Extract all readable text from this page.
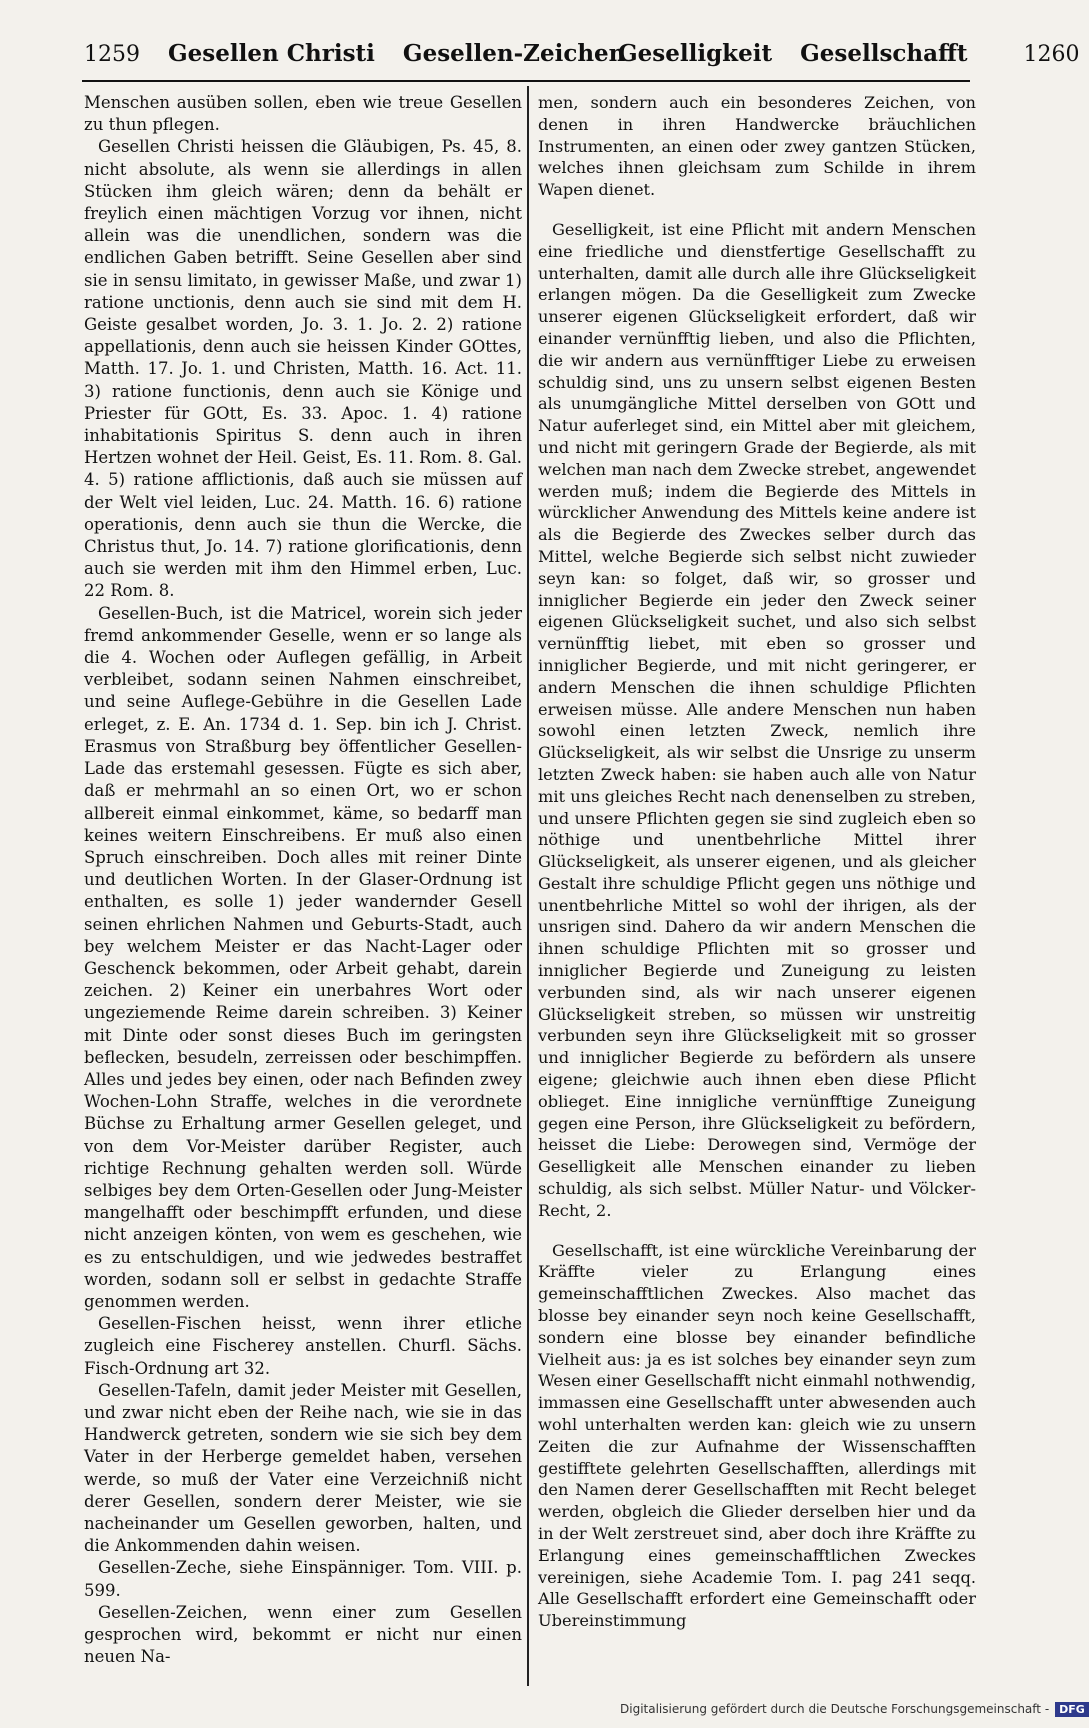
1259 Gesellen Christi Gesellen-Zeichen
Geselligkeit Gesellschafft	1260

Menschen ausüben sollen, eben wie treue Gesellen zu thun pflegen.

Gesellen Christi heissen die Gläubigen, Ps. 45, 8. nicht absolute, als wenn sie allerdings in allen Stücken ihm gleich wären; denn da behält er freylich einen mächtigen Vorzug vor ihnen, nicht allein was die unendlichen, sondern was die endlichen Gaben betrifft. Seine Gesellen aber sind sie in sensu limitato, in gewisser Maße, und zwar 1) ratione unctionis, denn auch sie sind mit dem H. Geiste gesalbet worden, Jo. 3. 1. Jo. 2. 2) ratione appellationis, denn auch sie heissen Kinder GOttes, Matth. 17. Jo. 1. und Christen, Matth. 16. Act. 11. 3) ratione functionis, denn auch sie Könige und Priester für GOtt, Es. 33. Apoc. 1. 4) ratione inhabitationis Spiritus S. denn auch in ihren Hertzen wohnet der Heil. Geist, Es. 11. Rom. 8. Gal. 4. 5) ratione afflictionis, daß auch sie müssen auf der Welt viel leiden, Luc. 24. Matth. 16. 6) ratione operationis, denn auch sie thun die Wercke, die Christus thut, Jo. 14. 7) ratione glorificationis, denn auch sie werden mit ihm den Himmel erben, Luc. 22 Rom. 8.

Gesellen-Buch, ist die Matricel, worein sich jeder fremd ankommender Geselle, wenn er so lange als die 4. Wochen oder Auflegen gefällig, in Arbeit verbleibet, sodann seinen Nahmen einschreibet, und seine Auflege-Gebühre in die Gesellen Lade erleget, z. E. An. 1734 d. 1. Sep. bin ich J. Christ. Erasmus von Straßburg bey öffentlicher Gesellen-Lade das erstemahl gesessen. Fügte es sich aber, daß er mehrmahl an so einen Ort, wo er schon allbereit einmal einkommet, käme, so bedarff man keines weitern Einschreibens. Er muß also einen Spruch einschreiben. Doch alles mit reiner Dinte und deutlichen Worten. In der Glaser-Ordnung ist enthalten, es solle 1) jeder wandernder Gesell seinen ehrlichen Nahmen und Geburts-Stadt, auch bey welchem Meister er das Nacht-Lager oder Geschenck bekommen, oder Arbeit gehabt, darein zeichen. 2) Keiner ein unerbahres Wort oder ungeziemende Reime darein schreiben. 3) Keiner mit Dinte oder sonst dieses Buch im geringsten beflecken, besudeln, zerreissen oder beschimpffen. Alles und jedes bey einen, oder nach Befinden zwey Wochen-Lohn Straffe, welches in die verordnete Büchse zu Erhaltung armer Gesellen geleget, und von dem Vor-Meister darüber Register, auch richtige Rechnung gehalten werden soll. Würde selbiges bey dem Orten-Gesellen oder Jung-Meister mangelhafft oder beschimpfft erfunden, und diese nicht anzeigen könten, von wem es geschehen, wie es zu entschuldigen, und wie jedwedes bestraffet worden, sodann soll er selbst in gedachte Straffe genommen werden.

Gesellen-Fischen heisst, wenn ihrer etliche zugleich eine Fischerey anstellen. Churfl. Sächs. Fisch-Ordnung art 32.

Gesellen-Tafeln, damit jeder Meister mit Gesellen, und zwar nicht eben der Reihe nach, wie sie in das Handwerck getreten, sondern wie sie sich bey dem Vater in der Herberge gemeldet haben, versehen werde, so muß der Vater eine Verzeichniß nicht derer Gesellen, sondern derer Meister, wie sie nacheinander um Gesellen geworben, halten, und die Ankommenden dahin weisen.

Gesellen-Zeche, siehe Einspänniger. Tom. VIII. p. 599.

Gesellen-Zeichen, wenn einer zum Gesellen gesprochen wird, bekommt er nicht nur einen neuen Na-

men, sondern auch ein besonderes Zeichen, von denen in ihren Handwercke bräuchlichen Instrumenten, an einen oder zwey gantzen Stücken, welches ihnen gleichsam zum Schilde in ihrem Wapen dienet.

Geselligkeit, ist eine Pflicht mit andern Menschen eine friedliche und dienstfertige Gesellschafft zu unterhalten, damit alle durch alle ihre Glückseligkeit erlangen mögen. Da die Geselligkeit zum Zwecke unserer eigenen Glückseligkeit erfordert, daß wir einander vernünfftig lieben, und also die Pflichten, die wir andern aus vernünfftiger Liebe zu erweisen schuldig sind, uns zu unsern selbst eigenen Besten als unumgängliche Mittel derselben von GOtt und Natur auferleget sind, ein Mittel aber mit gleichem, und nicht mit geringern Grade der Begierde, als mit welchen man nach dem Zwecke strebet, angewendet werden muß; indem die Begierde des Mittels in würcklicher Anwendung des Mittels keine andere ist als die Begierde des Zweckes selber durch das Mittel, welche Begierde sich selbst nicht zuwieder seyn kan: so folget, daß wir, so grosser und inniglicher Begierde ein jeder den Zweck seiner eigenen Glückseligkeit suchet, und also sich selbst vernünfftig liebet, mit eben so grosser und inniglicher Begierde, und mit nicht geringerer, er andern Menschen die ihnen schuldige Pflichten erweisen müsse. Alle andere Menschen nun haben sowohl einen letzten Zweck, nemlich ihre Glückseligkeit, als wir selbst die Unsrige zu unserm letzten Zweck haben: sie haben auch alle von Natur mit uns gleiches Recht nach denenselben zu streben, und unsere Pflichten gegen sie sind zugleich eben so nöthige und unentbehrliche Mittel ihrer Glückseligkeit, als unserer eigenen, und als gleicher Gestalt ihre schuldige Pflicht gegen uns nöthige und unentbehrliche Mittel so wohl der ihrigen, als der unsrigen sind. Dahero da wir andern Menschen die ihnen schuldige Pflichten mit so grosser und inniglicher Begierde und Zuneigung zu leisten verbunden sind, als wir nach unserer eigenen Glückseligkeit streben, so müssen wir unstreitig verbunden seyn ihre Glückseligkeit mit so grosser und inniglicher Begierde zu befördern als unsere eigene; gleichwie auch ihnen eben diese Pflicht oblieget. Eine innigliche vernünfftige Zuneigung gegen eine Person, ihre Glückseligkeit zu befördern, heisset die Liebe: Derowegen sind, Vermöge der Geselligkeit alle Menschen einander zu lieben schuldig, als sich selbst. Müller Natur- und Völcker-Recht, 2.

Gesellschafft, ist eine würckliche Vereinbarung der Kräffte vieler zu Erlangung eines gemeinschafftlichen Zweckes. Also machet das blosse bey einander seyn noch keine Gesellschafft, sondern eine blosse bey einander befindliche Vielheit aus: ja es ist solches bey einander seyn zum Wesen einer Gesellschafft nicht einmahl nothwendig, immassen eine Gesellschafft unter abwesenden auch wohl unterhalten werden kan: gleich wie zu unsern Zeiten die zur Aufnahme der Wissenschafften gestifftete gelehrten Gesellschafften, allerdings mit den Namen derer Gesellschafften mit Recht beleget werden, obgleich die Glieder derselben hier und da in der Welt zerstreuet sind, aber doch ihre Kräffte zu Erlangung eines gemeinschafftlichen Zweckes vereinigen, siehe Academie Tom. I. pag 241 seqq. Alle Gesellschafft erfordert eine Gemeinschafft oder Ubereinstimmung

Digitalisierung gefördert durch die Deutsche Forschungsgemeinschaft - DFG
